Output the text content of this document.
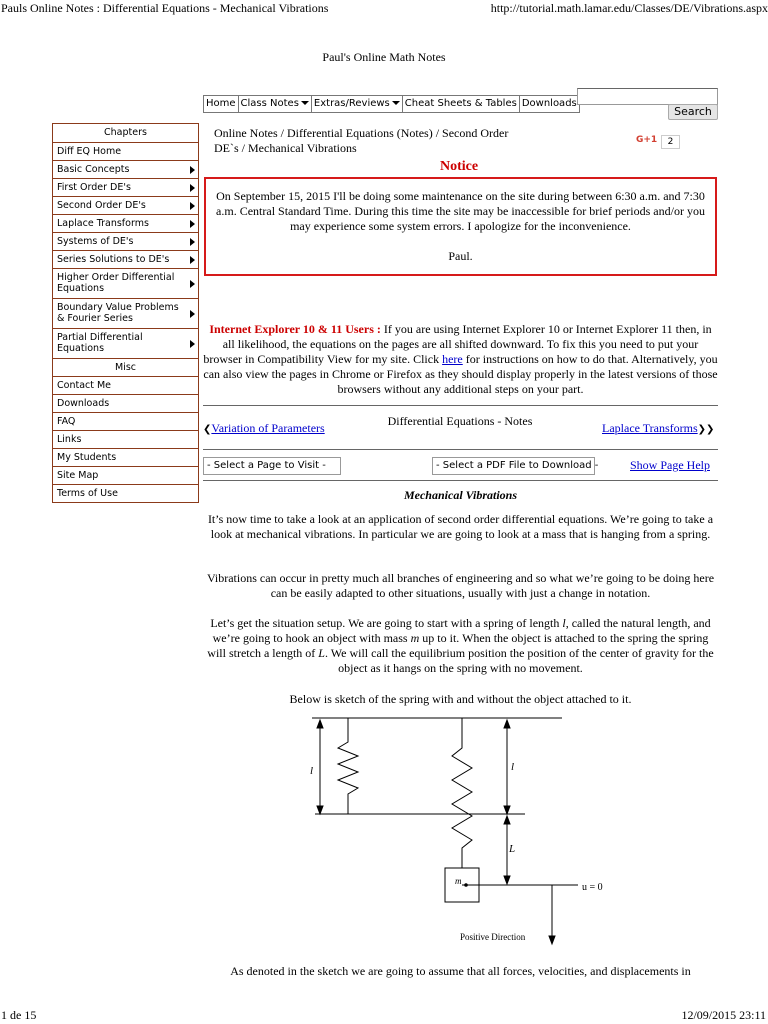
Pauls Online Notes : Differential Equations - Mechanical Vibrations	http://tutorial.math.lamar.edu/Classes/DE/Vibrations.aspx
Paul's Online Math Notes
Home Class Notes	Extras/Reviews	Cheat Sheets & Tables Downloads
Search
Chapters
Diff EQ Home
Basic Concepts
First Order DE's
Second Order DE's
Laplace Transforms
Systems of DE's
Series Solutions to DE's
Higher Order Differential Equations
Boundary Value Problems & Fourier Series
Partial Differential Equations
Misc
Contact Me
Downloads
FAQ
Links
My Students
Site Map
Terms of Use
Online Notes / Differential Equations (Notes) / Second Order DE`s / Mechanical Vibrations
G+1	2
Notice
On September 15, 2015 I'll be doing some maintenance on the site during between 6:30 a.m. and 7:30 a.m. Central Standard Time. During this time the site may be inaccessible for brief periods and/or you may experience some system errors. I apologize for the inconvenience.
Paul.
Internet Explorer 10 & 11 Users : If you are using Internet Explorer 10 or Internet Explorer 11 then, in all likelihood, the equations on the pages are all shifted downward. To fix this you need to put your browser in Compatibility View for my site. Click here for instructions on how to do that. Alternatively, you can also view the pages in Chrome or Firefox as they should display properly in the latest versions of those browsers without any additional steps on your part.
❮Variation of Parameters	Differential Equations - Notes	Laplace Transforms❯❯
- Select a Page to Visit -	- Select a PDF File to Download -	Show Page Help
Mechanical Vibrations
It’s now time to take a look at an application of second order differential equations. We’re going to take a look at mechanical vibrations. In particular we are going to look at a mass that is hanging from a spring.
Vibrations can occur in pretty much all branches of engineering and so what we’re going to be doing here can be easily adapted to other situations, usually with just a change in notation.
Let’s get the situation setup. We are going to start with a spring of length l, called the natural length, and we’re going to hook an object with mass m up to it. When the object is attached to the spring the spring will stretch a length of L. We will call the equilibrium position the position of the center of gravity for the object as it hangs on the spring with no movement.
Below is sketch of the spring with and without the object attached to it.
l	l
L
m
u = 0
Positive Direction
As denoted in the sketch we are going to assume that all forces, velocities, and displacements in
1 de 15	12/09/2015 23:11
